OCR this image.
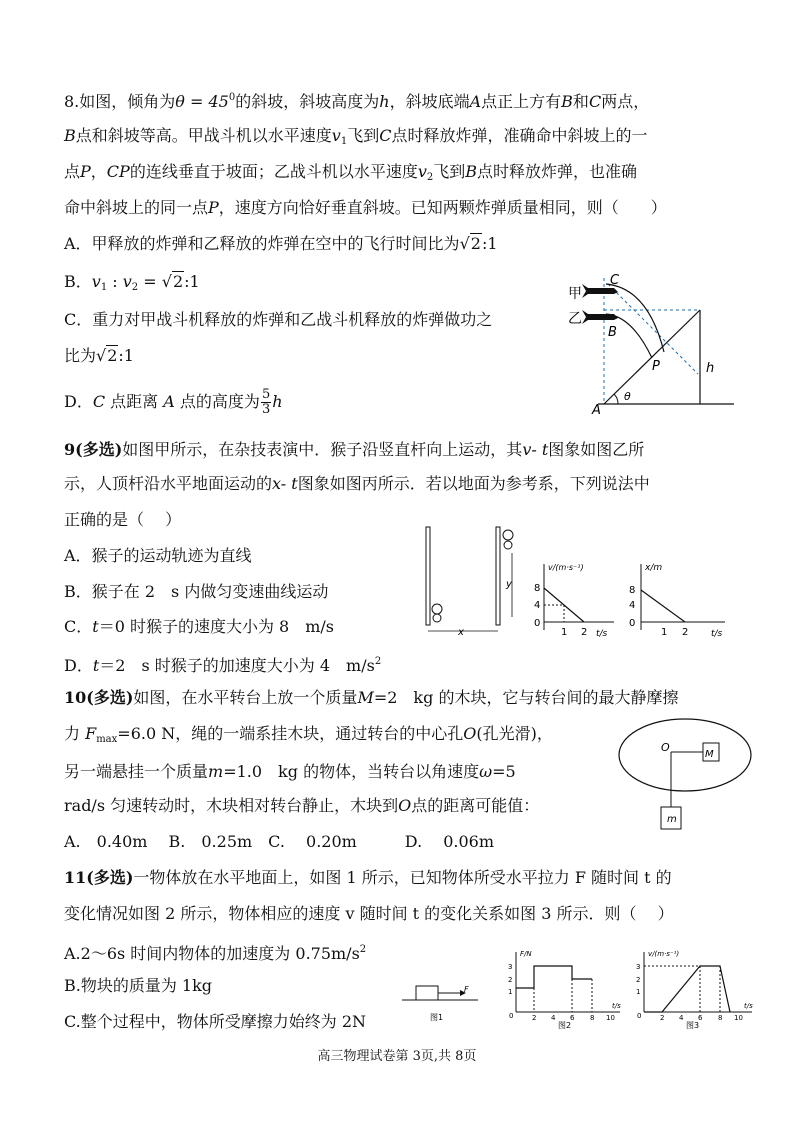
8.如图，倾角为$\theta = 45^0$的斜坡，斜坡高度为h，斜坡底端A点正上方有B和C两点，
B点和斜坡等高。甲战斗机以水平速度$v_1$飞到C点时释放炸弹，准确命中斜坡上的一
点P，CP的连线垂直于坡面；乙战斗机以水平速度$v_2$飞到B点时释放炸弹，也准确
命中斜坡上的同一点P，速度方向恰好垂直斜坡。已知两颗炸弹质量相同，则（　　）
A．甲释放的炸弹和乙释放的炸弹在空中的飞行时间比为√2:1
B．$v_1$ : $v_2$ = √2:1
C．重力对甲战斗机释放的炸弹和乙战斗机释放的炸弹做功之
比为√2:1
D．C 点距离 A 点的高度为 $\frac{5}{3}$ h
甲
乙
C
B
P
A
h
θ
9(多选)如图甲所示，在杂技表演中．猴子沿竖直杆向上运动，其v- t图象如图乙所
示，人顶杆沿水平地面运动的x- t图象如图丙所示．若以地面为参考系，下列说法中
正确的是（　 ）
A．猴子的运动轨迹为直线
B．猴子在 2　s 内做匀变速曲线运动
C．t＝0 时猴子的速度大小为 8　m/s
D．t＝2　s 时猴子的加速度大小为 4　$m/s^2$
x
y
v/(m·s⁻¹)
8
4
0
1 2 t/s
x/m
8
4
0
1 2	t/s
10(多选)如图，在水平转台上放一个质量M=2　kg 的木块，它与转台间的最大静摩擦
力 $F_{max}=6.0$ N，绳的一端系挂木块，通过转台的中心孔O(孔光滑)，
另一端悬挂一个质量m=1.0　kg 的物体，当转台以角速度ω=5
rad/s 匀速转动时，木块相对转台静止，木块到O点的距离可能值：
A.　0.40m　 B.　0.25m　C.　 0.20m　　　D.　 0.06m
O
M
m
11(多选)一物体放在水平地面上，如图 1 所示，已知物体所受水平拉力 F 随时间 t 的
变化情况如图 2 所示，物体相应的速度 v 随时间 t 的变化关系如图 3 所示．则（　 ）
A.2～6s 时间内物体的加速度为 $0.75m/s^2$
B.物块的质量为 1kg
C.整个过程中，物体所受摩擦力始终为 2N
F
图1
F/N
3
2
1
0	2 4 6 8 10
t/s
图2
v/(m·s⁻¹)
3
2
1
0	2 4 6 8 10
t/s
图3
高三物理试卷第 3页,共 8页
